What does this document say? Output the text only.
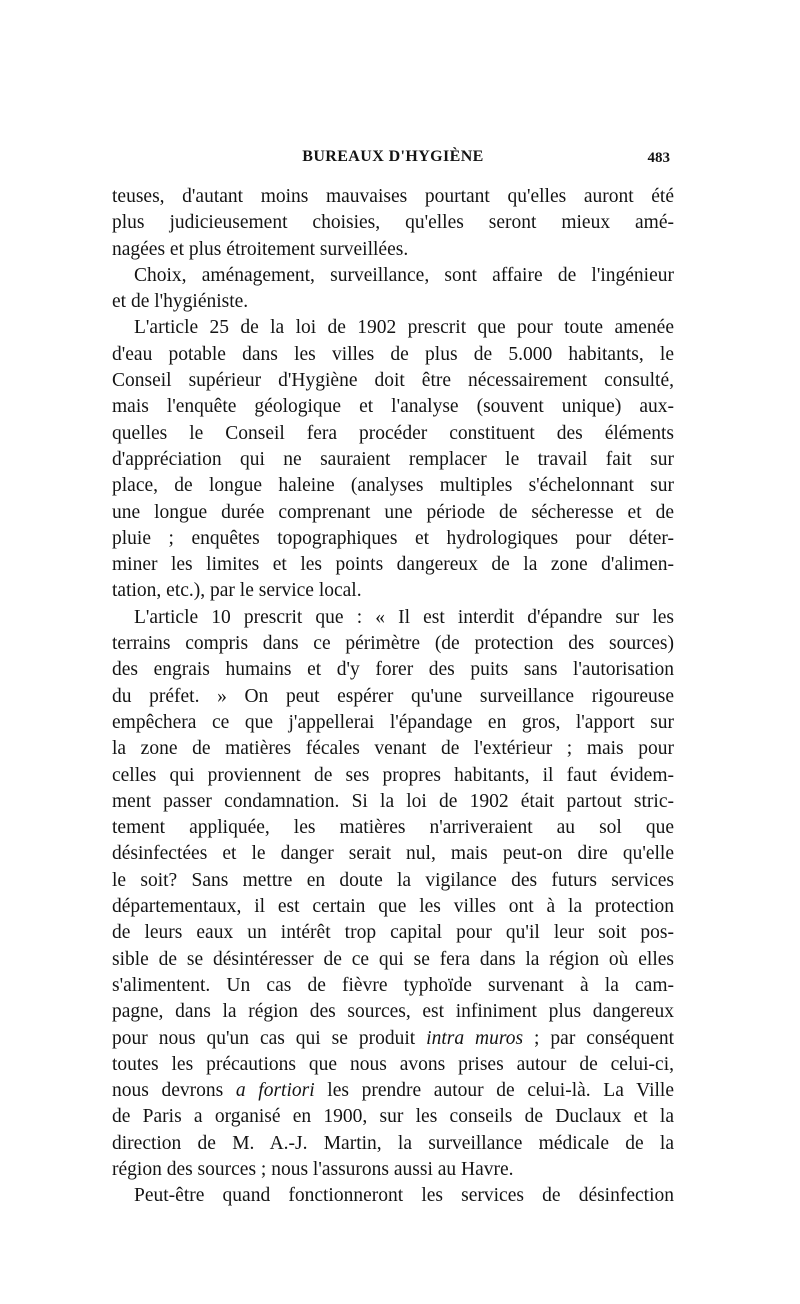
BUREAUX D'HYGIÈNE	483
teuses, d'autant moins mauvaises pourtant qu'elles auront été
plus judicieusement choisies, qu'elles seront mieux amé-
nagées et plus étroitement surveillées.
Choix, aménagement, surveillance, sont affaire de l'ingénieur
et de l'hygiéniste.
L'article 25 de la loi de 1902 prescrit que pour toute amenée
d'eau potable dans les villes de plus de 5.000 habitants, le
Conseil supérieur d'Hygiène doit être nécessairement consulté,
mais l'enquête géologique et l'analyse (souvent unique) aux-
quelles le Conseil fera procéder constituent des éléments
d'appréciation qui ne sauraient remplacer le travail fait sur
place, de longue haleine (analyses multiples s'échelonnant sur
une longue durée comprenant une période de sécheresse et de
pluie ; enquêtes topographiques et hydrologiques pour déter-
miner les limites et les points dangereux de la zone d'alimen-
tation, etc.), par le service local.
L'article 10 prescrit que : « Il est interdit d'épandre sur les
terrains compris dans ce périmètre (de protection des sources)
des engrais humains et d'y forer des puits sans l'autorisation
du préfet. » On peut espérer qu'une surveillance rigoureuse
empêchera ce que j'appellerai l'épandage en gros, l'apport sur
la zone de matières fécales venant de l'extérieur ; mais pour
celles qui proviennent de ses propres habitants, il faut évidem-
ment passer condamnation. Si la loi de 1902 était partout stric-
tement appliquée, les matières n'arriveraient au sol que
désinfectées et le danger serait nul, mais peut-on dire qu'elle
le soit? Sans mettre en doute la vigilance des futurs services
départementaux, il est certain que les villes ont à la protection
de leurs eaux un intérêt trop capital pour qu'il leur soit pos-
sible de se désintéresser de ce qui se fera dans la région où elles
s'alimentent. Un cas de fièvre typhoïde survenant à la cam-
pagne, dans la région des sources, est infiniment plus dangereux
pour nous qu'un cas qui se produit intra muros ; par conséquent
toutes les précautions que nous avons prises autour de celui-ci,
nous devrons a fortiori les prendre autour de celui-là. La Ville
de Paris a organisé en 1900, sur les conseils de Duclaux et la
direction de M. A.-J. Martin, la surveillance médicale de la
région des sources ; nous l'assurons aussi au Havre.
Peut-être quand fonctionneront les services de désinfection
